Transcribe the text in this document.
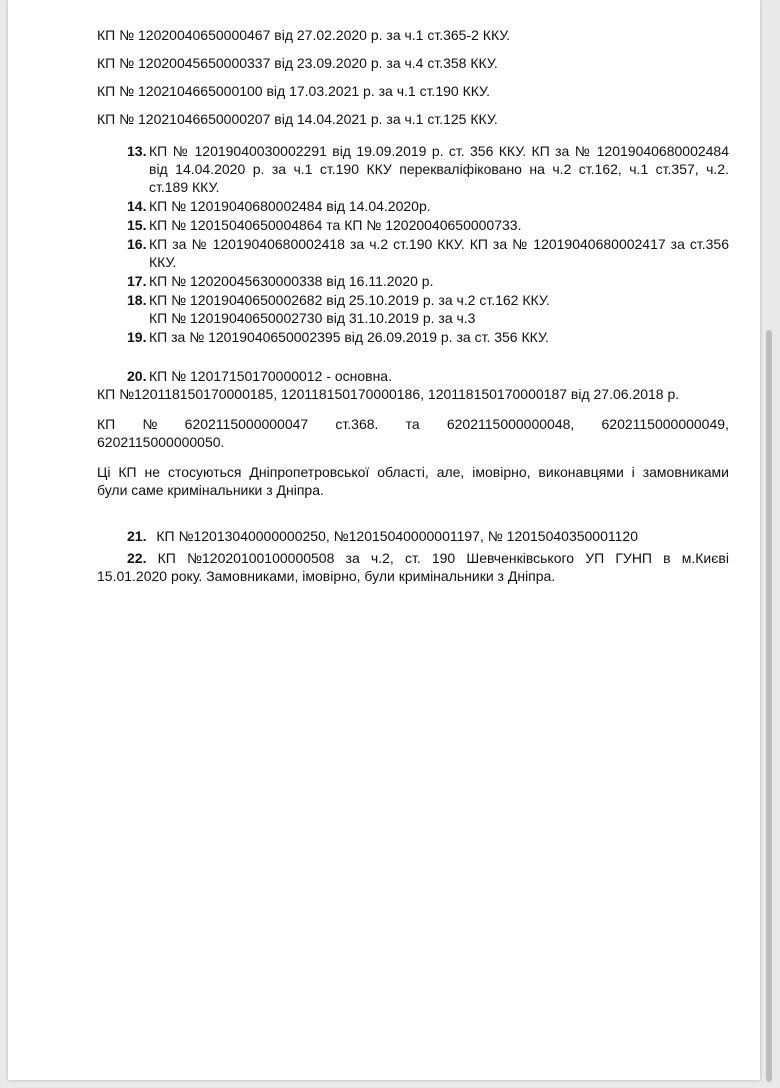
КП № 12020040650000467 від 27.02.2020 р. за ч.1 ст.365-2 ККУ.

КП № 12020045650000337 від 23.09.2020 р. за ч.4 ст.358 ККУ.

КП № 1202104665000100 від 17.03.2021 р. за ч.1 ст.190 ККУ.

КП № 12021046650000207 від 14.04.2021 р. за ч.1 ст.125 ККУ.

13. КП № 12019040030002291 від 19.09.2019 р. ст. 356 ККУ. КП за № 12019040680002484
від 14.04.2020 р. за ч.1 ст.190 ККУ перекваліфіковано на ч.2 ст.162, ч.1 ст.357, ч.2.
ст.189 ККУ.
14. КП № 12019040680002484 від 14.04.2020р.
15. КП № 12015040650004864 та КП № 12020040650000733.
16. КП за № 12019040680002418 за ч.2 ст.190 ККУ. КП за № 12019040680002417 за ст.356
ККУ.
17. КП № 12020045630000338 від 16.11.2020 р.
18. КП № 12019040650002682 від 25.10.2019 р. за ч.2 ст.162 ККУ.
КП № 12019040650002730 від 31.10.2019 р. за ч.3
19. КП за № 12019040650002395 від 26.09.2019 р. за ст. 356 ККУ.
20. КП № 12017150170000012 - основна.

КП №120118150170000185, 120118150170000186, 120118150170000187 від 27.06.2018 р.

КП № 6202115000000047 ст.368. та 6202115000000048, 6202115000000049,

6202115000000050.

Ці КП не стосуються Дніпропетровської області, але, імовірно, виконавцями і замовниками

були саме кримінальники з Дніпра.

21. КП №12013040000000250, №12015040000001197, № 12015040350001120
22. КП №12020100100000508 за ч.2, ст. 190 Шевченківського УП ГУНП в м.Києві

15.01.2020 року. Замовниками, імовірно, були кримінальники з Дніпра.
